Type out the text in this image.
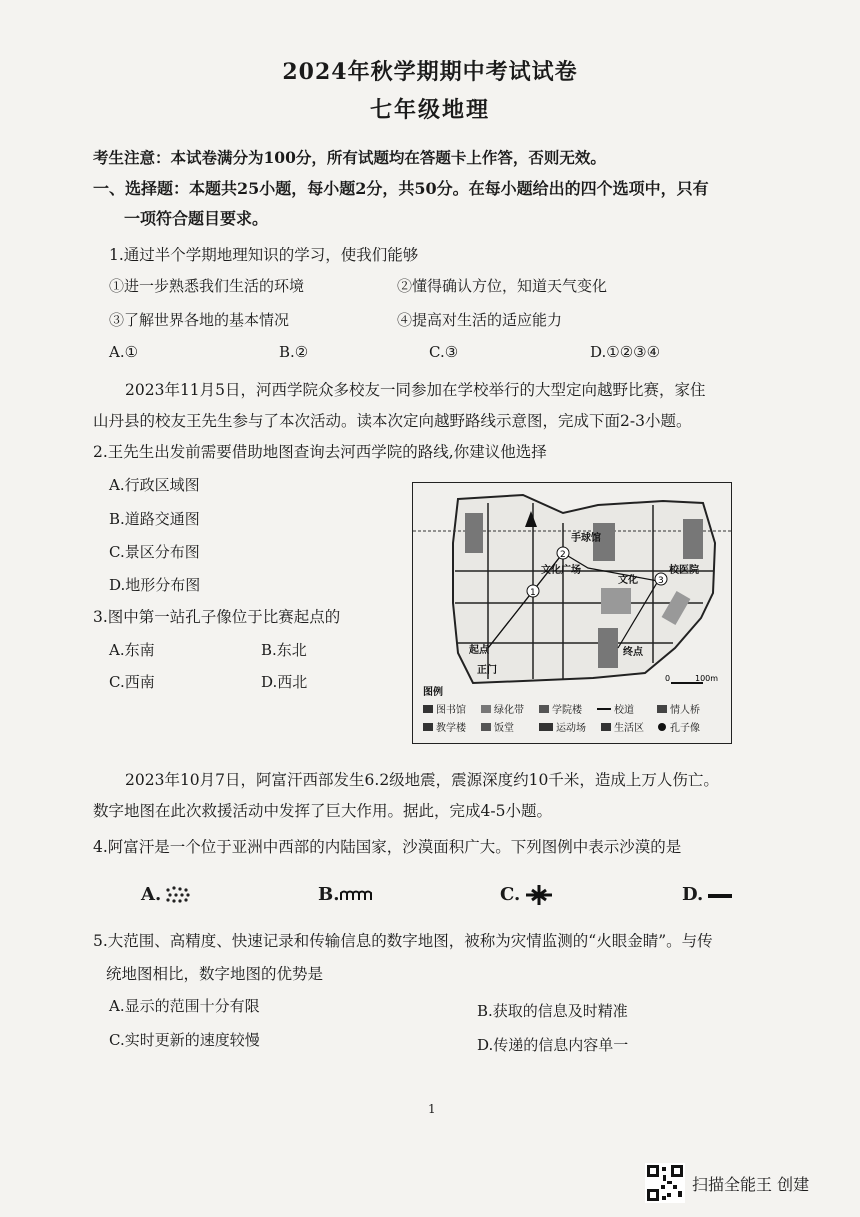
2024年秋学期期中考试试卷
七年级地理
考生注意：本试卷满分为100分，所有试题均在答题卡上作答，否则无效。
一、选择题：本题共25小题，每小题2分，共50分。在每小题给出的四个选项中，只有
一项符合题目要求。
1.通过半个学期地理知识的学习，使我们能够
①进一步熟悉我们生活的环境	②懂得确认方位，知道天气变化
③了解世界各地的基本情况	④提高对生活的适应能力
A.①	B.②	C.③	D.①②③④
2023年11月5日，河西学院众多校友一同参加在学校举行的大型定向越野比赛，家住
山丹县的校友王先生参与了本次活动。读本次定向越野路线示意图，完成下面2-3小题。
2.王先生出发前需要借助地图查询去河西学院的路线,你建议他选择
A.行政区域图
B.道路交通图
C.景区分布图
D.地形分布图
3.图中第一站孔子像位于比赛起点的
A.东南	B.东北
C.西南	D.西北
1
2
3
手球馆
文化广场
文化
校医院
起点	终点
正门
图例
0	100m
图书馆	绿化带	学院楼	校道	情人桥
教学楼	饭堂	运动场	生活区	孔子像
2023年10月7日，阿富汗西部发生6.2级地震，震源深度约10千米，造成上万人伤亡。
数字地图在此次救援活动中发挥了巨大作用。据此，完成4-5小题。
4.阿富汗是一个位于亚洲中西部的内陆国家，沙漠面积广大。下列图例中表示沙漠的是
A.	B.	C.	D.
5.大范围、高精度、快速记录和传输信息的数字地图，被称为灾情监测的“火眼金睛”。与传
统地图相比，数字地图的优势是
A.显示的范围十分有限	B.获取的信息及时精准
C.实时更新的速度较慢	D.传递的信息内容单一
1
扫描全能王 创建
